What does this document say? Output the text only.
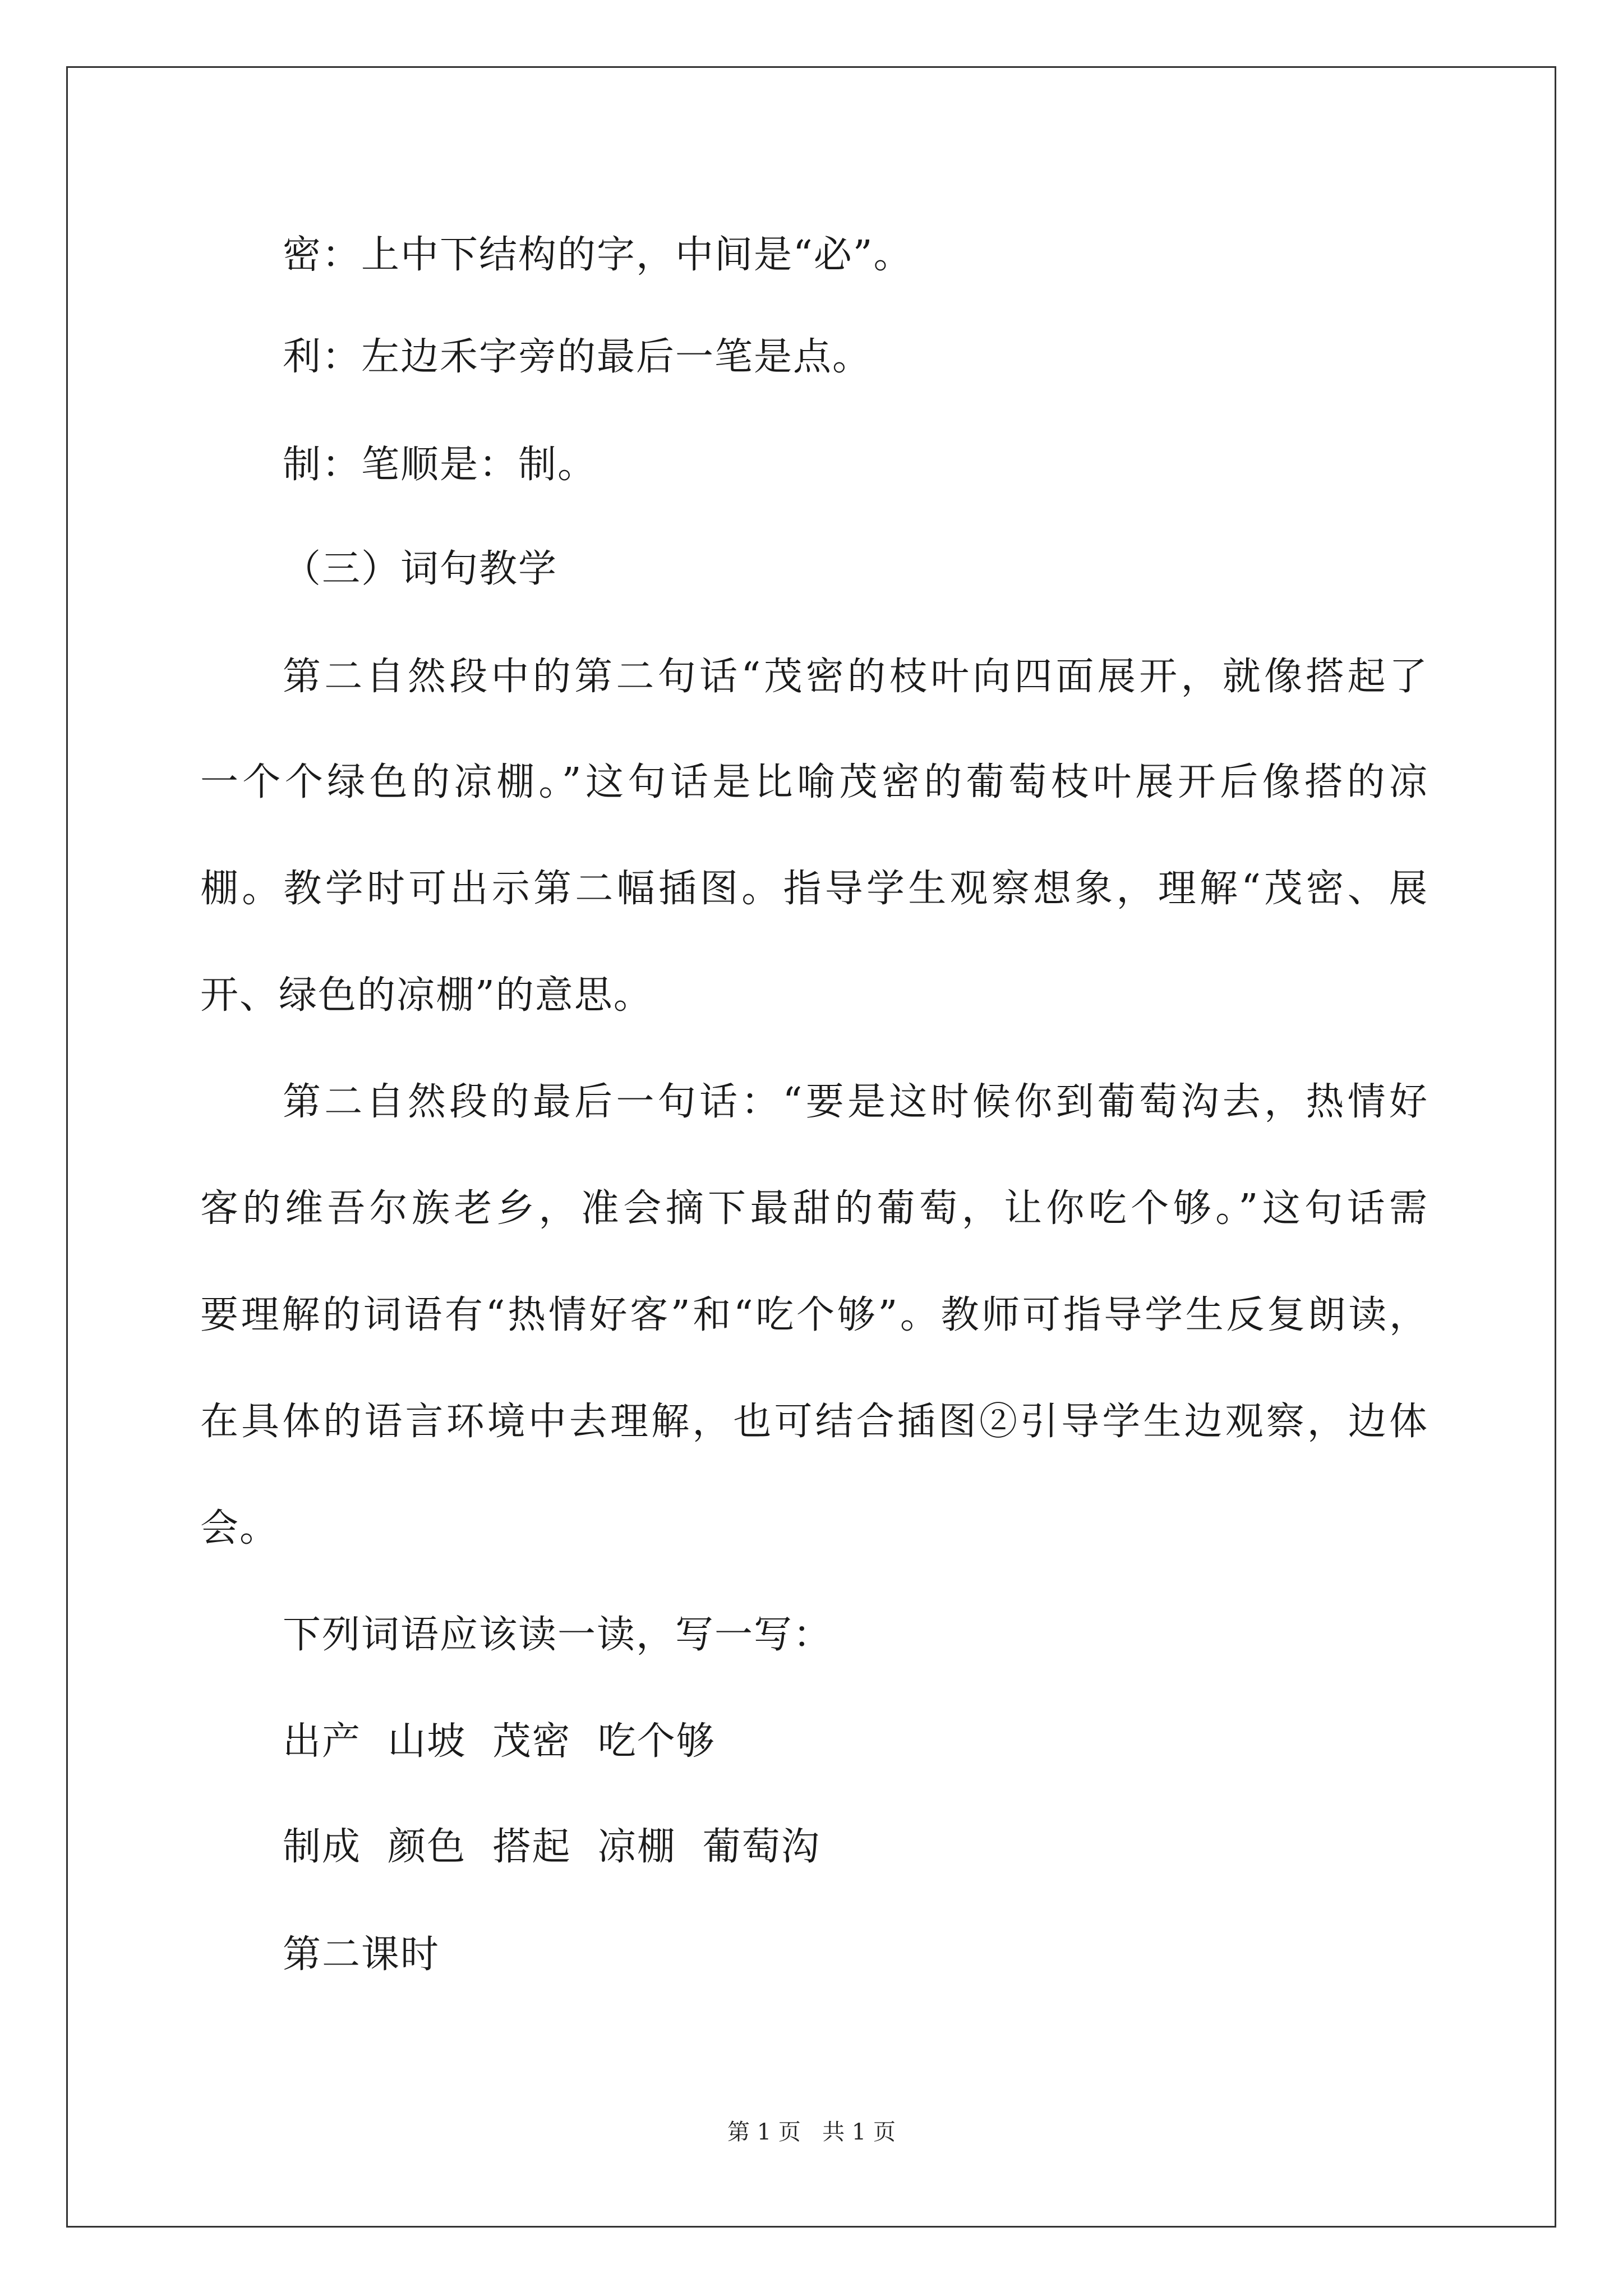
密：上中下结构的字，中间是“必”。
利：左边禾字旁的最后一笔是点。
制：笔顺是：制。
（三）词句教学
第二自然段中的第二句话“茂密的枝叶向四面展开，就像搭起了
一个个绿色的凉棚。”这句话是比喻茂密的葡萄枝叶展开后像搭的凉
棚。教学时可出示第二幅插图。指导学生观察想象，理解“茂密、展
开、绿色的凉棚”的意思。
第二自然段的最后一句话：“要是这时候你到葡萄沟去，热情好
客的维吾尔族老乡，准会摘下最甜的葡萄，让你吃个够。”这句话需
要理解的词语有“热情好客”和“吃个够”。教师可指导学生反复朗读，
在具体的语言环境中去理解，也可结合插图②引导学生边观察，边体
会。
下列词语应该读一读，写一写：
出产  山坡  茂密  吃个够
制成  颜色  搭起  凉棚  葡萄沟
第二课时
第 1 页   共 1 页
